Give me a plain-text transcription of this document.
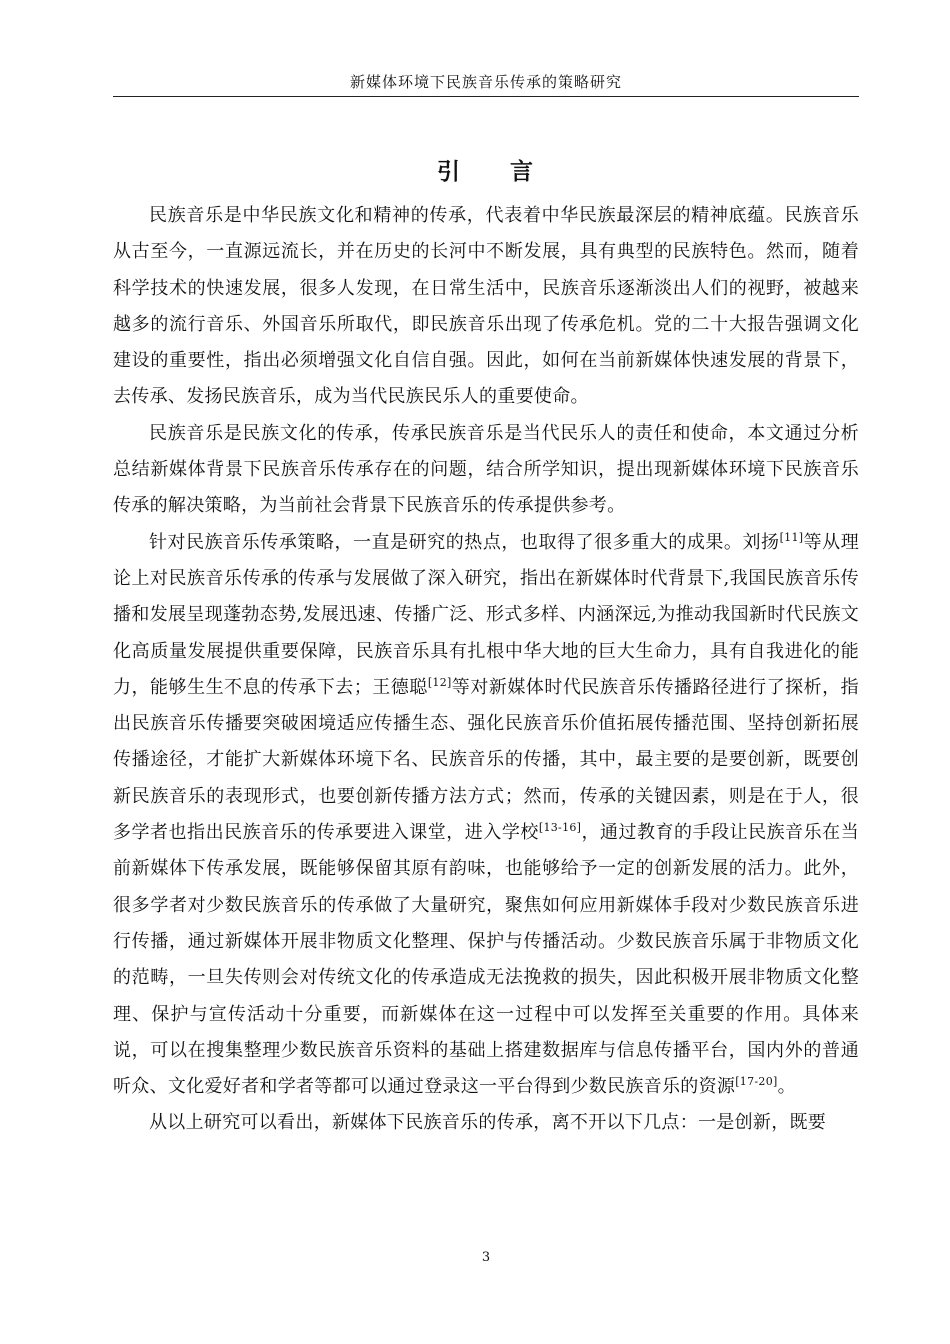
新媒体环境下民族音乐传承的策略研究
引 言

民族音乐是中华民族文化和精神的传承，代表着中华民族最深层的精神底蕴。民族音乐从古至今，一直源远流长，并在历史的长河中不断发展，具有典型的民族特色。然而，随着科学技术的快速发展，很多人发现，在日常生活中，民族音乐逐渐淡出人们的视野，被越来越多的流行音乐、外国音乐所取代，即民族音乐出现了传承危机。党的二十大报告强调文化建设的重要性，指出必须增强文化自信自强。因此，如何在当前新媒体快速发展的背景下，去传承、发扬民族音乐，成为当代民族民乐人的重要使命。

民族音乐是民族文化的传承，传承民族音乐是当代民乐人的责任和使命，本文通过分析总结新媒体背景下民族音乐传承存在的问题，结合所学知识，提出现新媒体环境下民族音乐传承的解决策略，为当前社会背景下民族音乐的传承提供参考。

针对民族音乐传承策略，一直是研究的热点，也取得了很多重大的成果。刘扬[11]等从理论上对民族音乐传承的传承与发展做了深入研究，指出在新媒体时代背景下,我国民族音乐传播和发展呈现蓬勃态势,发展迅速、传播广泛、形式多样、内涵深远,为推动我国新时代民族文化高质量发展提供重要保障，民族音乐具有扎根中华大地的巨大生命力，具有自我进化的能力，能够生生不息的传承下去；王德聪[12]等对新媒体时代民族音乐传播路径进行了探析，指出民族音乐传播要突破困境适应传播生态、强化民族音乐价值拓展传播范围、坚持创新拓展传播途径，才能扩大新媒体环境下名、民族音乐的传播，其中，最主要的是要创新，既要创新民族音乐的表现形式，也要创新传播方法方式；然而，传承的关键因素，则是在于人，很多学者也指出民族音乐的传承要进入课堂，进入学校[13-16]，通过教育的手段让民族音乐在当前新媒体下传承发展，既能够保留其原有韵味，也能够给予一定的创新发展的活力。此外，很多学者对少数民族音乐的传承做了大量研究，聚焦如何应用新媒体手段对少数民族音乐进行传播，通过新媒体开展非物质文化整理、保护与传播活动。少数民族音乐属于非物质文化的范畴，一旦失传则会对传统文化的传承造成无法挽救的损失，因此积极开展非物质文化整理、保护与宣传活动十分重要，而新媒体在这一过程中可以发挥至关重要的作用。具体来说，可以在搜集整理少数民族音乐资料的基础上搭建数据库与信息传播平台，国内外的普通听众、文化爱好者和学者等都可以通过登录这一平台得到少数民族音乐的资源[17-20]。

从以上研究可以看出，新媒体下民族音乐的传承，离不开以下几点：一是创新，既要

3
